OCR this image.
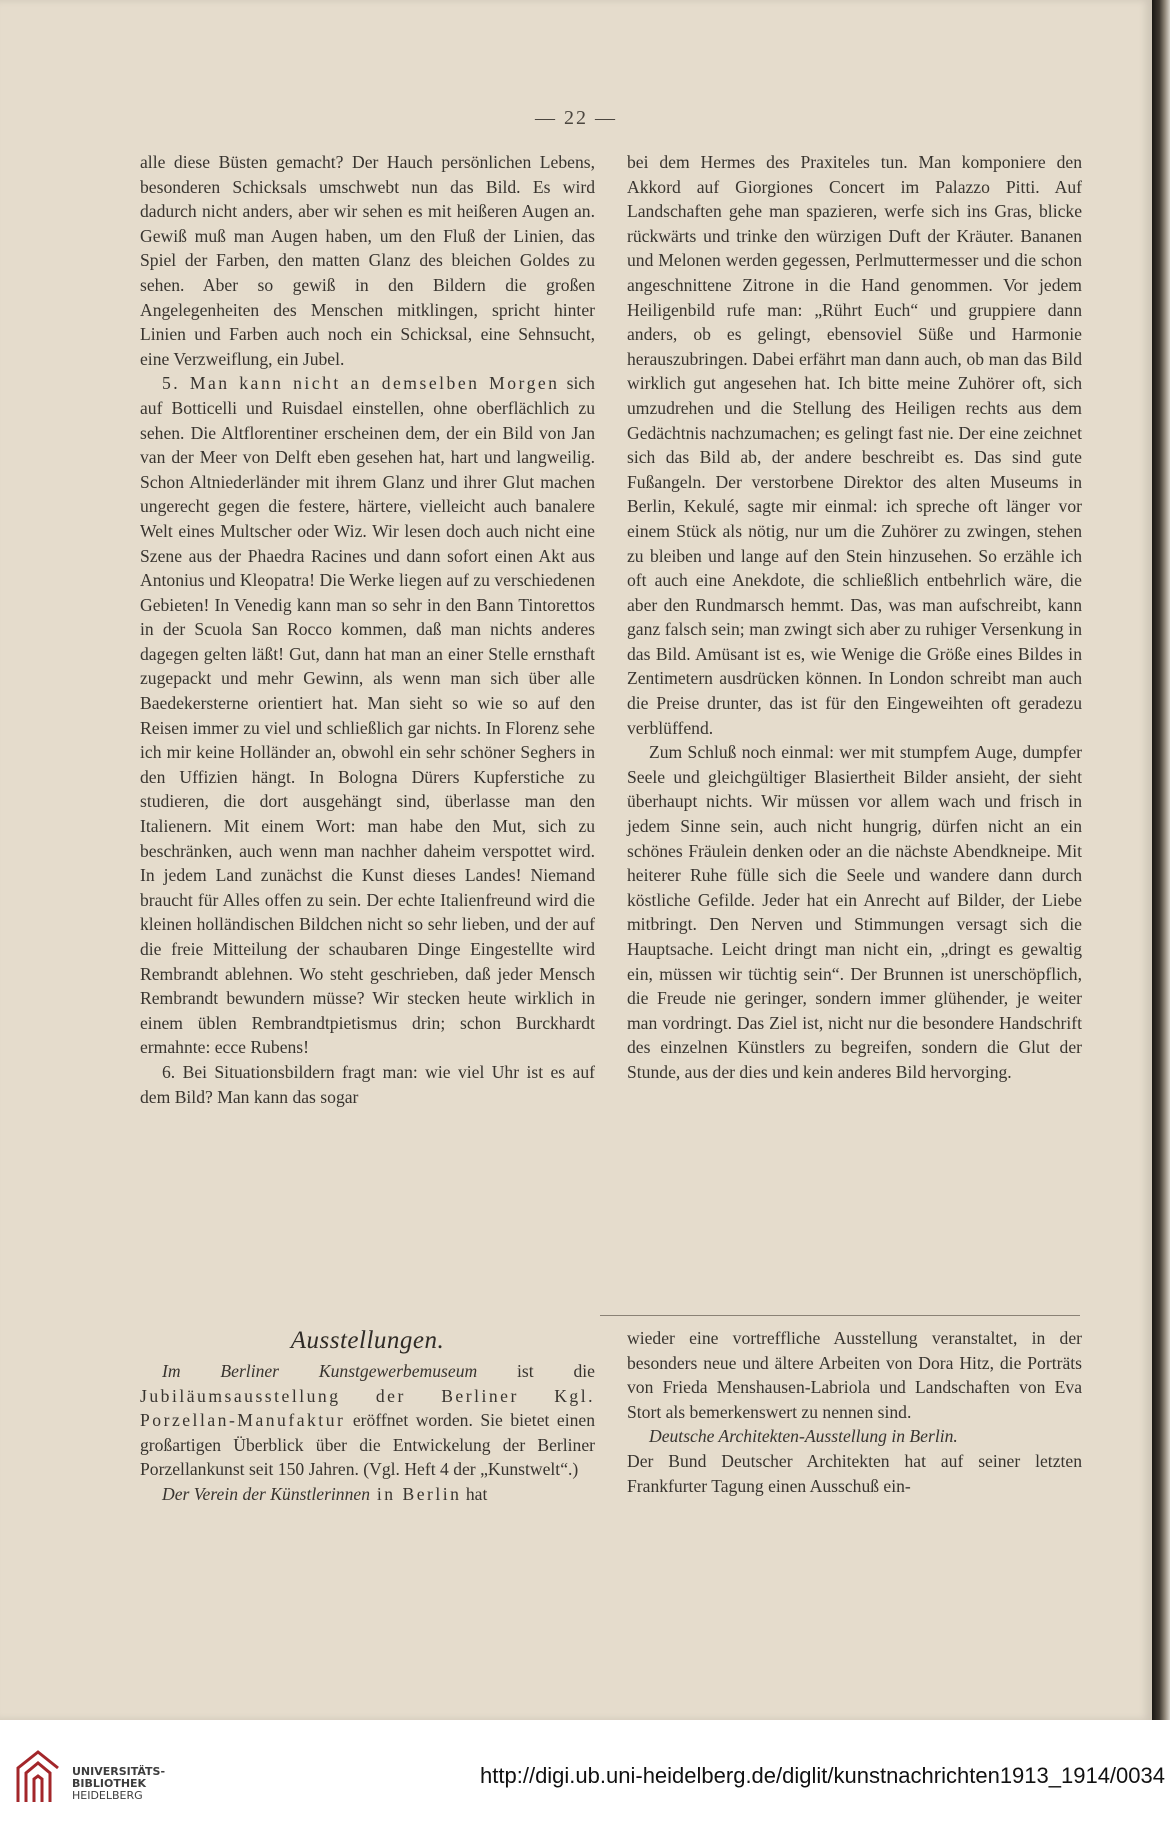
— 22 —

alle diese Büsten gemacht? Der Hauch persönlichen Lebens, besonderen Schicksals umschwebt nun das Bild. Es wird dadurch nicht anders, aber wir sehen es mit heißeren Augen an. Gewiß muß man Augen haben, um den Fluß der Linien, das Spiel der Farben, den matten Glanz des bleichen Goldes zu sehen. Aber so gewiß in den Bildern die großen Angelegenheiten des Menschen mitklingen, spricht hinter Linien und Farben auch noch ein Schicksal, eine Sehnsucht, eine Verzweiflung, ein Jubel.

5. Man kann nicht an demselben Morgen sich auf Botticelli und Ruisdael einstellen, ohne oberflächlich zu sehen. Die Altflorentiner erscheinen dem, der ein Bild von Jan van der Meer von Delft eben gesehen hat, hart und langweilig. Schon Altniederländer mit ihrem Glanz und ihrer Glut machen ungerecht gegen die festere, härtere, vielleicht auch banalere Welt eines Multscher oder Wiz. Wir lesen doch auch nicht eine Szene aus der Phaedra Racines und dann sofort einen Akt aus Antonius und Kleopatra! Die Werke liegen auf zu verschiedenen Gebieten! In Venedig kann man so sehr in den Bann Tintorettos in der Scuola San Rocco kommen, daß man nichts anderes dagegen gelten läßt! Gut, dann hat man an einer Stelle ernsthaft zugepackt und mehr Gewinn, als wenn man sich über alle Baedekersterne orientiert hat. Man sieht so wie so auf den Reisen immer zu viel und schließlich gar nichts. In Florenz sehe ich mir keine Holländer an, obwohl ein sehr schöner Seghers in den Uffizien hängt. In Bologna Dürers Kupferstiche zu studieren, die dort ausgehängt sind, überlasse man den Italienern. Mit einem Wort: man habe den Mut, sich zu beschränken, auch wenn man nachher daheim verspottet wird. In jedem Land zunächst die Kunst dieses Landes! Niemand braucht für Alles offen zu sein. Der echte Italienfreund wird die kleinen holländischen Bildchen nicht so sehr lieben, und der auf die freie Mitteilung der schaubaren Dinge Eingestellte wird Rembrandt ablehnen. Wo steht geschrieben, daß jeder Mensch Rembrandt bewundern müsse? Wir stecken heute wirklich in einem üblen Rembrandtpietismus drin; schon Burckhardt ermahnte: ecce Rubens!

6. Bei Situationsbildern fragt man: wie viel Uhr ist es auf dem Bild? Man kann das sogar

bei dem Hermes des Praxiteles tun. Man komponiere den Akkord auf Giorgiones Concert im Palazzo Pitti. Auf Landschaften gehe man spazieren, werfe sich ins Gras, blicke rückwärts und trinke den würzigen Duft der Kräuter. Bananen und Melonen werden gegessen, Perlmuttermesser und die schon angeschnittene Zitrone in die Hand genommen. Vor jedem Heiligenbild rufe man: „Rührt Euch“ und gruppiere dann anders, ob es gelingt, ebensoviel Süße und Harmonie herauszubringen. Dabei erfährt man dann auch, ob man das Bild wirklich gut angesehen hat. Ich bitte meine Zuhörer oft, sich umzudrehen und die Stellung des Heiligen rechts aus dem Gedächtnis nachzumachen; es gelingt fast nie. Der eine zeichnet sich das Bild ab, der andere beschreibt es. Das sind gute Fußangeln. Der verstorbene Direktor des alten Museums in Berlin, Kekulé, sagte mir einmal: ich spreche oft länger vor einem Stück als nötig, nur um die Zuhörer zu zwingen, stehen zu bleiben und lange auf den Stein hinzusehen. So erzähle ich oft auch eine Anekdote, die schließlich entbehrlich wäre, die aber den Rundmarsch hemmt. Das, was man aufschreibt, kann ganz falsch sein; man zwingt sich aber zu ruhiger Versenkung in das Bild. Amüsant ist es, wie Wenige die Größe eines Bildes in Zentimetern ausdrücken können. In London schreibt man auch die Preise drunter, das ist für den Eingeweihten oft geradezu verblüffend.

Zum Schluß noch einmal: wer mit stumpfem Auge, dumpfer Seele und gleichgültiger Blasiertheit Bilder ansieht, der sieht überhaupt nichts. Wir müssen vor allem wach und frisch in jedem Sinne sein, auch nicht hungrig, dürfen nicht an ein schönes Fräulein denken oder an die nächste Abendkneipe. Mit heiterer Ruhe fülle sich die Seele und wandere dann durch köstliche Gefilde. Jeder hat ein Anrecht auf Bilder, der Liebe mitbringt. Den Nerven und Stimmungen versagt sich die Hauptsache. Leicht dringt man nicht ein, „dringt es gewaltig ein, müssen wir tüchtig sein“. Der Brunnen ist unerschöpflich, die Freude nie geringer, sondern immer glühender, je weiter man vordringt. Das Ziel ist, nicht nur die besondere Handschrift des einzelnen Künstlers zu begreifen, sondern die Glut der Stunde, aus der dies und kein anderes Bild hervorging.

Ausstellungen.

Im Berliner Kunstgewerbemuseum ist die Jubiläumsausstellung der Berliner Kgl. Porzellan-Manufaktur eröffnet worden. Sie bietet einen großartigen Überblick über die Entwickelung der Berliner Porzellankunst seit 150 Jahren. (Vgl. Heft 4 der „Kunstwelt“.)

Der Verein der Künstlerinnen in Berlin hat

wieder eine vortreffliche Ausstellung veranstaltet, in der besonders neue und ältere Arbeiten von Dora Hitz, die Porträts von Frieda Menshausen-Labriola und Landschaften von Eva Stort als bemerkenswert zu nennen sind.

Deutsche Architekten-Ausstellung in Berlin.

Der Bund Deutscher Architekten hat auf seiner letzten Frankfurter Tagung einen Ausschuß ein-

UNIVERSITÄTS-
BIBLIOTHEK
HEIDELBERG
http://digi.ub.uni-heidelberg.de/diglit/kunstnachrichten1913_1914/0034
